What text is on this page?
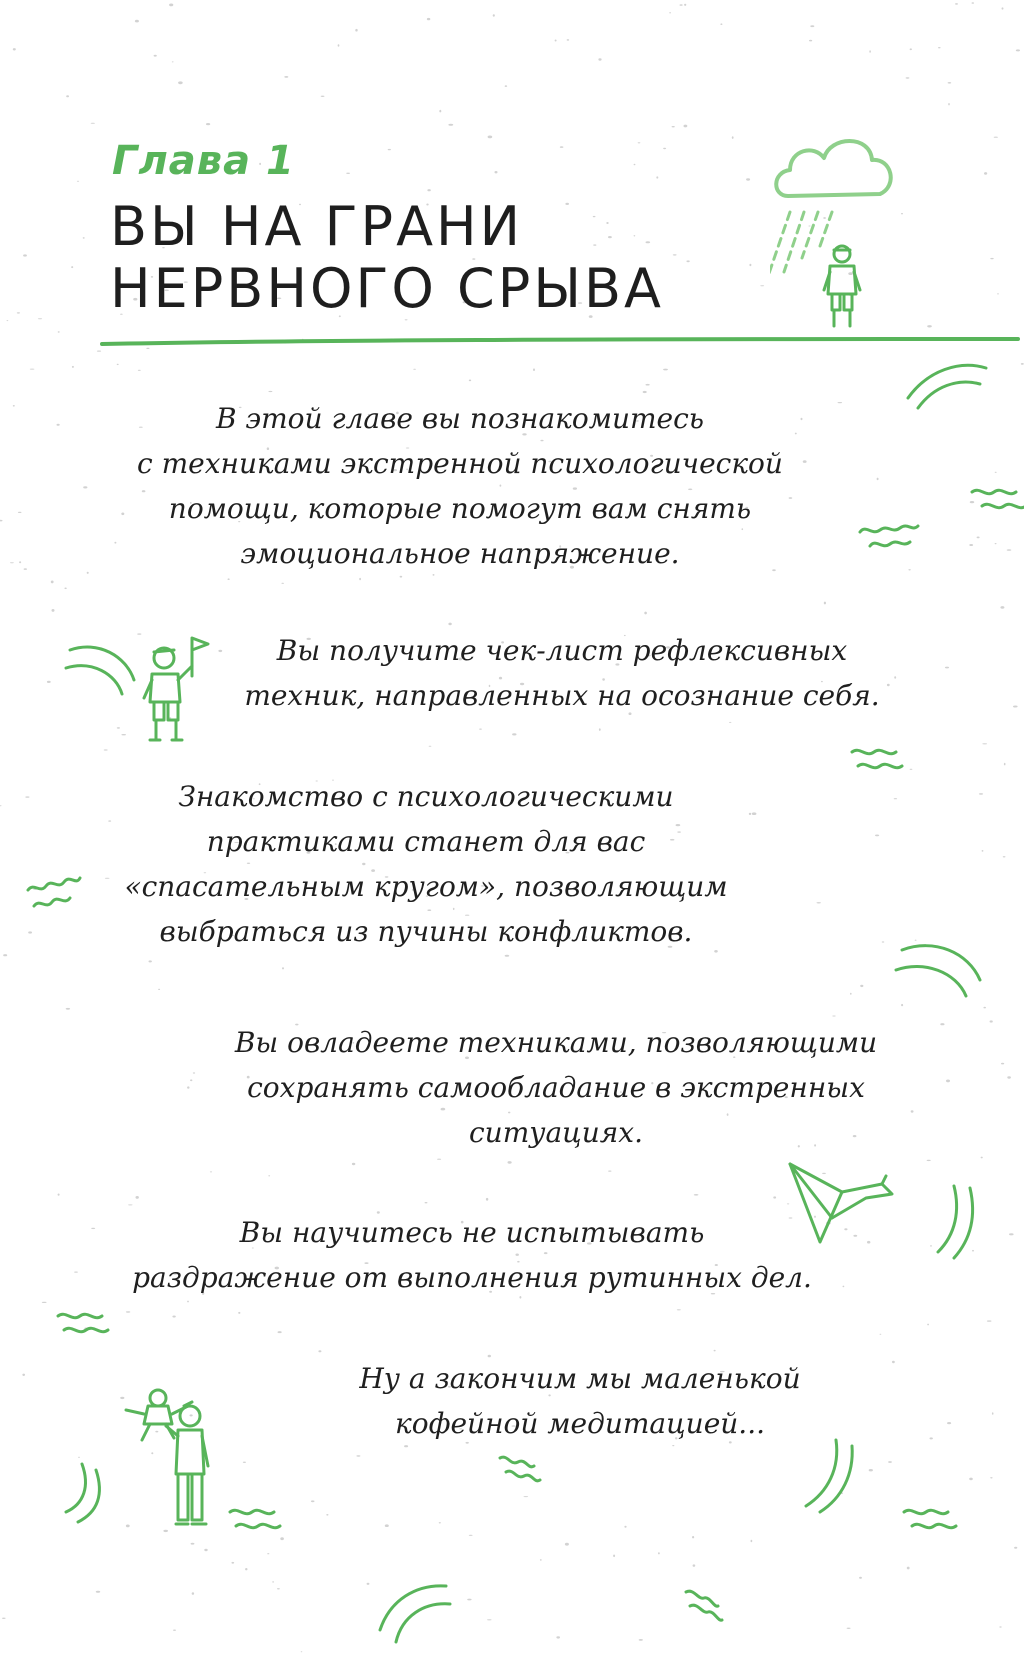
Глава 1
ВЫ НА ГРАНИ
НЕРВНОГО СРЫВА
В этой главе вы познакомитесь
с техниками экстренной психологической
помощи, которые помогут вам снять
эмоциональное напряжение.
Вы получите чек-лист рефлексивных
техник, направленных на осознание себя.
Знакомство с психологическими
практиками станет для вас
«спасательным кругом», позволяющим
выбраться из пучины конфликтов.
Вы овладеете техниками, позволяющими
сохранять самообладание в экстренных
ситуациях.
Вы научитесь не испытывать
раздражение от выполнения рутинных дел.
Ну а закончим мы маленькой
кофейной медитацией...
